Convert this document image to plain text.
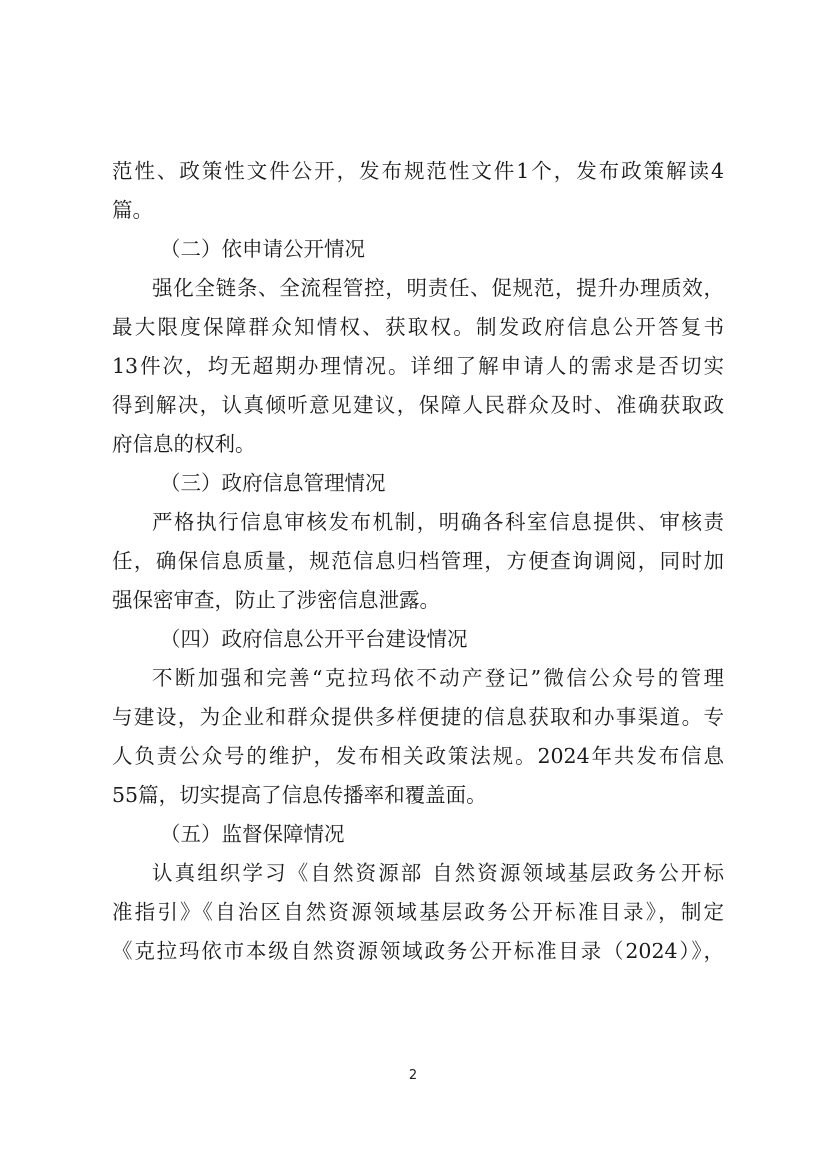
范性、政策性文件公开，发布规范性文件1个，发布政策解读4
篇。
（二）依申请公开情况
强化全链条、全流程管控，明责任、促规范，提升办理质效，
最大限度保障群众知情权、获取权。制发政府信息公开答复书
13件次，均无超期办理情况。详细了解申请人的需求是否切实
得到解决，认真倾听意见建议，保障人民群众及时、准确获取政
府信息的权利。
（三）政府信息管理情况
严格执行信息审核发布机制，明确各科室信息提供、审核责
任，确保信息质量，规范信息归档管理，方便查询调阅，同时加
强保密审查，防止了涉密信息泄露。
（四）政府信息公开平台建设情况
不断加强和完善“克拉玛依不动产登记”微信公众号的管理
与建设，为企业和群众提供多样便捷的信息获取和办事渠道。专
人负责公众号的维护，发布相关政策法规。2024年共发布信息
55篇，切实提高了信息传播率和覆盖面。
（五）监督保障情况
认真组织学习《自然资源部 自然资源领域基层政务公开标
准指引》《自治区自然资源领域基层政务公开标准目录》，制定
《克拉玛依市本级自然资源领域政务公开标准目录（2024）》，
2
